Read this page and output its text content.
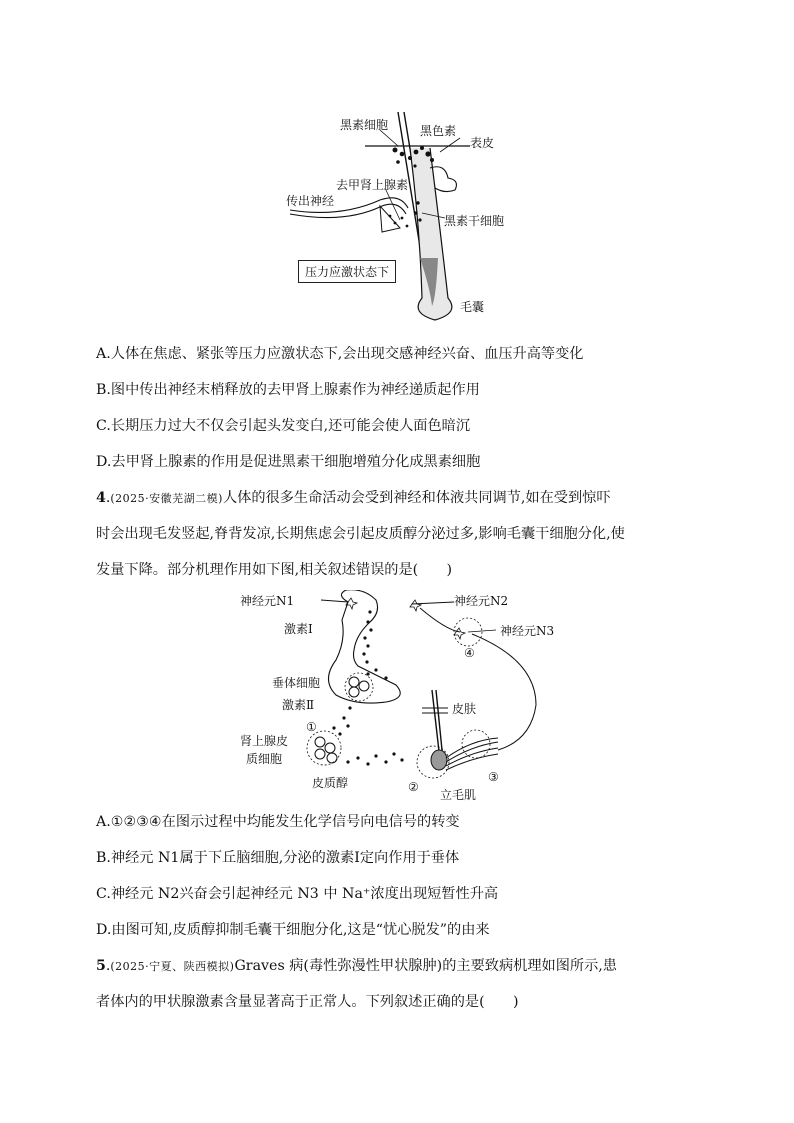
黑素细胞	黑色素
表皮
去甲肾上腺素
传出神经
黑素干细胞
压力应激状态下
毛囊
A.人体在焦虑、紧张等压力应激状态下,会出现交感神经兴奋、血压升高等变化
B.图中传出神经末梢释放的去甲肾上腺素作为神经递质起作用
C.长期压力过大不仅会引起头发变白,还可能会使人面色暗沉
D.去甲肾上腺素的作用是促进黑素干细胞增殖分化成黑素细胞
4.(2025·安徽芜湖二模)人体的很多生命活动会受到神经和体液共同调节,如在受到惊吓
时会出现毛发竖起,脊背发凉,长期焦虑会引起皮质醇分泌过多,影响毛囊干细胞分化,使
发量下降。部分机理作用如下图,相关叙述错误的是(　　)
神经元N1
激素Ⅰ
垂体细胞
激素Ⅱ
①
肾上腺皮
质细胞
皮质醇
神经元N2
神经元N3
④
皮肤
②
③
立毛肌
A.①②③④在图示过程中均能发生化学信号向电信号的转变
B.神经元 N1属于下丘脑细胞,分泌的激素Ⅰ定向作用于垂体
C.神经元 N2兴奋会引起神经元 N3 中 Na⁺浓度出现短暂性升高
D.由图可知,皮质醇抑制毛囊干细胞分化,这是“忧心脱发”的由来
5.(2025·宁夏、陕西模拟)Graves 病(毒性弥漫性甲状腺肿)的主要致病机理如图所示,患
者体内的甲状腺激素含量显著高于正常人。下列叙述正确的是(　　)
